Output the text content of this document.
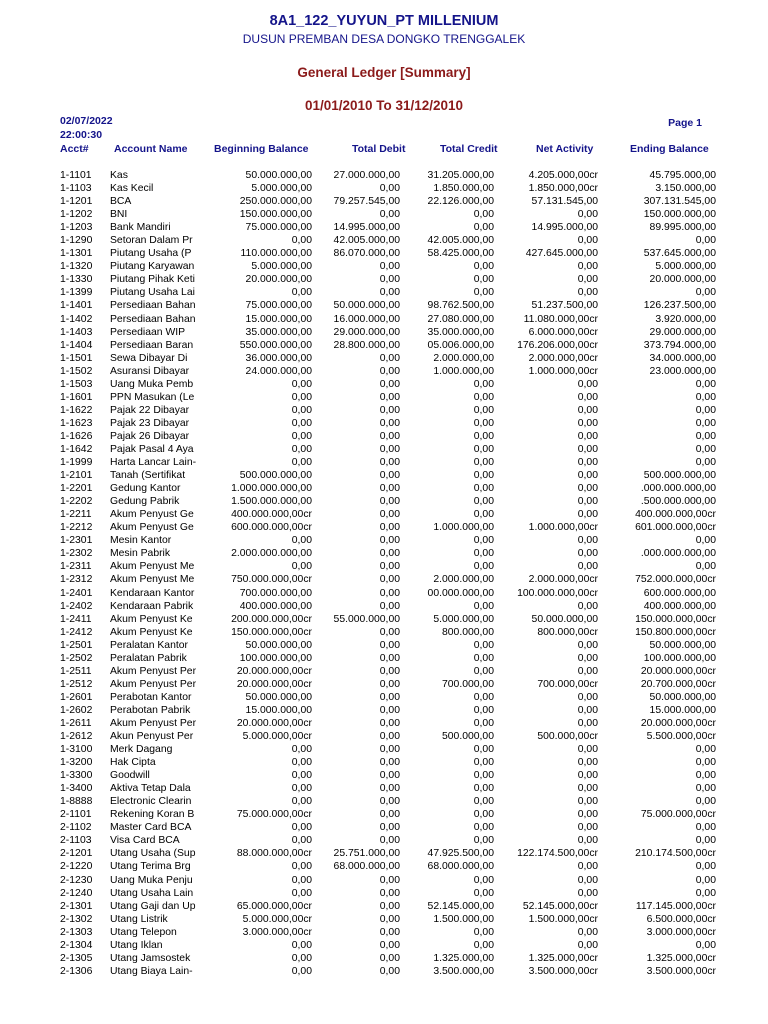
8A1_122_YUYUN_PT MILLENIUM
DUSUN PREMBAN DESA DONGKO TRENGGALEK
General Ledger [Summary]
01/01/2010 To 31/12/2010
02/07/2022
22:00:30
Page 1
Acct# Account Name	Beginning Balance	Total Debit	Total Credit	Net Activity	Ending Balance
1-1101	Kas	50.000.000,00	27.000.000,00	31.205.000,00	4.205.000,00cr	45.795.000,00
1-1103	Kas Kecil	5.000.000,00	0,00	1.850.000,00	1.850.000,00cr	3.150.000,00
1-1201	BCA	250.000.000,00	79.257.545,00	22.126.000,00	57.131.545,00	307.131.545,00
1-1202	BNI	150.000.000,00	0,00	0,00	0,00	150.000.000,00
1-1203	Bank Mandiri	75.000.000,00	14.995.000,00	0,00	14.995.000,00	89.995.000,00
1-1290	Setoran Dalam Pr	0,00	42.005.000,00	42.005.000,00	0,00	0,00
1-1301	Piutang Usaha (P	110.000.000,00	86.070.000,00	58.425.000,00	427.645.000,00	537.645.000,00
1-1320	Piutang Karyawan	5.000.000,00	0,00	0,00	0,00	5.000.000,00
1-1330	Piutang Pihak Keti	20.000.000,00	0,00	0,00	0,00	20.000.000,00
1-1399	Piutang Usaha Lai	0,00	0,00	0,00	0,00	0,00
1-1401	Persediaan Bahan	75.000.000,00	50.000.000,00	98.762.500,00	51.237.500,00	126.237.500,00
1-1402	Persediaan Bahan	15.000.000,00	16.000.000,00	27.080.000,00	11.080.000,00cr	3.920.000,00
1-1403	Persediaan WIP	35.000.000,00	29.000.000,00	35.000.000,00	6.000.000,00cr	29.000.000,00
1-1404	Persediaan Baran	550.000.000,00	28.800.000,00	05.006.000,00	176.206.000,00cr	373.794.000,00
1-1501	Sewa Dibayar Di	36.000.000,00	0,00	2.000.000,00	2.000.000,00cr	34.000.000,00
1-1502	Asuransi Dibayar	24.000.000,00	0,00	1.000.000,00	1.000.000,00cr	23.000.000,00
1-1503	Uang Muka Pemb	0,00	0,00	0,00	0,00	0,00
1-1601	PPN Masukan (Le	0,00	0,00	0,00	0,00	0,00
1-1622	Pajak 22 Dibayar	0,00	0,00	0,00	0,00	0,00
1-1623	Pajak 23 Dibayar	0,00	0,00	0,00	0,00	0,00
1-1626	Pajak 26 Dibayar	0,00	0,00	0,00	0,00	0,00
1-1642	Pajak Pasal 4 Aya	0,00	0,00	0,00	0,00	0,00
1-1999	Harta Lancar Lain-	0,00	0,00	0,00	0,00	0,00
1-2101	Tanah (Sertifikat	500.000.000,00	0,00	0,00	0,00	500.000.000,00
1-2201	Gedung Kantor	1.000.000.000,00	0,00	0,00	0,00	.000.000.000,00
1-2202	Gedung Pabrik	1.500.000.000,00	0,00	0,00	0,00	.500.000.000,00
1-2211	Akum Penyust Ge	400.000.000,00cr	0,00	0,00	0,00	400.000.000,00cr
1-2212	Akum Penyust Ge	600.000.000,00cr	0,00	1.000.000,00	1.000.000,00cr	601.000.000,00cr
1-2301	Mesin Kantor	0,00	0,00	0,00	0,00	0,00
1-2302	Mesin Pabrik	2.000.000.000,00	0,00	0,00	0,00	.000.000.000,00
1-2311	Akum Penyust Me	0,00	0,00	0,00	0,00	0,00
1-2312	Akum Penyust Me	750.000.000,00cr	0,00	2.000.000,00	2.000.000,00cr	752.000.000,00cr
1-2401	Kendaraan Kantor	700.000.000,00	0,00	00.000.000,00	100.000.000,00cr	600.000.000,00
1-2402	Kendaraan Pabrik	400.000.000,00	0,00	0,00	0,00	400.000.000,00
1-2411	Akum Penyust Ke	200.000.000,00cr	55.000.000,00	5.000.000,00	50.000.000,00	150.000.000,00cr
1-2412	Akum Penyust Ke	150.000.000,00cr	0,00	800.000,00	800.000,00cr	150.800.000,00cr
1-2501	Peralatan Kantor	50.000.000,00	0,00	0,00	0,00	50.000.000,00
1-2502	Peralatan Pabrik	100.000.000,00	0,00	0,00	0,00	100.000.000,00
1-2511	Akum Penyust Per	20.000.000,00cr	0,00	0,00	0,00	20.000.000,00cr
1-2512	Akum Penyust Per	20.000.000,00cr	0,00	700.000,00	700.000,00cr	20.700.000,00cr
1-2601	Perabotan Kantor	50.000.000,00	0,00	0,00	0,00	50.000.000,00
1-2602	Perabotan Pabrik	15.000.000,00	0,00	0,00	0,00	15.000.000,00
1-2611	Akum Penyust Per	20.000.000,00cr	0,00	0,00	0,00	20.000.000,00cr
1-2612	Akun Penyust Per	5.000.000,00cr	0,00	500.000,00	500.000,00cr	5.500.000,00cr
1-3100	Merk Dagang	0,00	0,00	0,00	0,00	0,00
1-3200	Hak Cipta	0,00	0,00	0,00	0,00	0,00
1-3300	Goodwill	0,00	0,00	0,00	0,00	0,00
1-3400	Aktiva Tetap Dala	0,00	0,00	0,00	0,00	0,00
1-8888	Electronic Clearin	0,00	0,00	0,00	0,00	0,00
2-1101	Rekening Koran B	75.000.000,00cr	0,00	0,00	0,00	75.000.000,00cr
2-1102	Master Card BCA	0,00	0,00	0,00	0,00	0,00
2-1103	Visa Card BCA	0,00	0,00	0,00	0,00	0,00
2-1201	Utang Usaha (Sup	88.000.000,00cr	25.751.000,00	47.925.500,00	122.174.500,00cr	210.174.500,00cr
2-1220	Utang Terima Brg	0,00	68.000.000,00	68.000.000,00	0,00	0,00
2-1230	Uang Muka Penju	0,00	0,00	0,00	0,00	0,00
2-1240	Utang Usaha Lain	0,00	0,00	0,00	0,00	0,00
2-1301	Utang Gaji dan Up	65.000.000,00cr	0,00	52.145.000,00	52.145.000,00cr	117.145.000,00cr
2-1302	Utang Listrik	5.000.000,00cr	0,00	1.500.000,00	1.500.000,00cr	6.500.000,00cr
2-1303	Utang Telepon	3.000.000,00cr	0,00	0,00	0,00	3.000.000,00cr
2-1304	Utang Iklan	0,00	0,00	0,00	0,00	0,00
2-1305	Utang Jamsostek	0,00	0,00	1.325.000,00	1.325.000,00cr	1.325.000,00cr
2-1306	Utang Biaya Lain-	0,00	0,00	3.500.000,00	3.500.000,00cr	3.500.000,00cr
